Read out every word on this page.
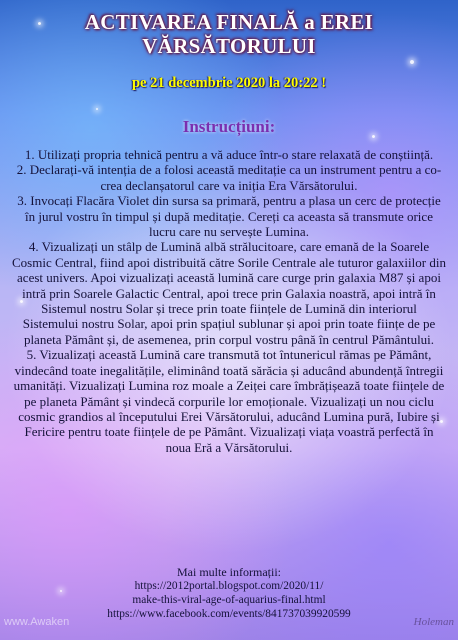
ACTIVAREA FINALĂ a EREI
VĂRSĂTORULUI
pe 21 decembrie 2020 la 20:22 !
Instrucțiuni:

1. Utilizați propria tehnică pentru a vă aduce într-o stare relaxată de conștiință.

2. Declarați-vă intenția de a folosi această meditație ca un instrument pentru a co-crea declanșatorul care va iniția Era Vărsătorului.

3. Invocați Flacăra Violet din sursa sa primară, pentru a plasa un cerc de protecție în jurul vostru în timpul și după meditație. Cereți ca aceasta să transmute orice lucru care nu servește Lumina.

4. Vizualizați un stâlp de Lumină albă strălucitoare, care emană de la Soarele Cosmic Central, fiind apoi distribuită către Sorile Centrale ale tuturor galaxiilor din acest univers. Apoi vizualizați această lumină care curge prin galaxia M87 și apoi intră prin Soarele Galactic Central, apoi trece prin Galaxia noastră, apoi intră în Sistemul nostru Solar și trece prin toate ființele de Lumină din interiorul Sistemului nostru Solar, apoi prin spațiul sublunar și apoi prin toate ființe de pe planeta Pământ și, de asemenea, prin corpul vostru până în centrul Pământului.

5. Vizualizați această Lumină care transmută tot întunericul rămas pe Pământ, vindecând toate inegalitățile, eliminând toată sărăcia și aducând abundență întregii umanități. Vizualizați Lumina roz moale a Zeiței care îmbrățișează toate ființele de pe planeta Pământ și vindecă corpurile lor emoționale. Vizualizați un nou ciclu cosmic grandios al începutului Erei Vărsătorului, aducând Lumina pură, Iubire și Fericire pentru toate ființele de pe Pământ. Vizualizați viața voastră perfectă în noua Eră a Vărsătorului.

Mai multe informații:
https://2012portal.blogspot.com/2020/11/
make-this-viral-age-of-aquarius-final.html
https://www.facebook.com/events/841737039920599
www.Awaken	Holeman
